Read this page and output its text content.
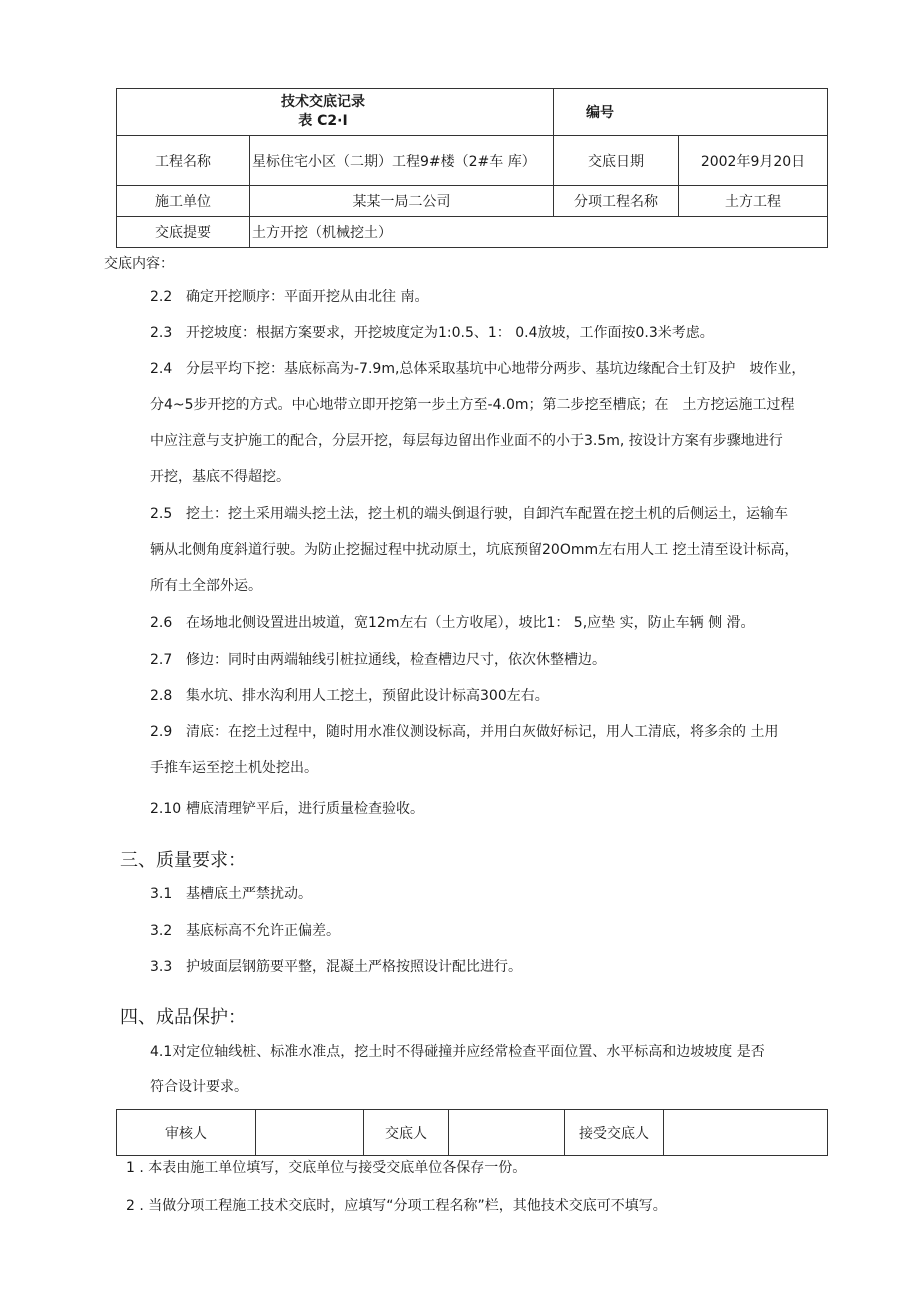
技术交底记录
表 C2·I		编号	
工程名称	星标住宅小区（二期）工程9#楼（2#车 库）	交底日期	2002年9月20日
施工单位	某某一局二公司	分项工程名称	土方工程
交底提要	土方开挖（机械挖土）		
交底内容：
2.2 确定开挖顺序：平面开挖从由北往 南。
2.3 开挖坡度：根据方案要求，开挖坡度定为1:0.5、1： 0.4放坡，工作面按0.3米考虑。
2.4 分层平均下挖：基底标高为-7.9m,总体采取基坑中心地带分两步、基坑边缘配合土钉及护　坡作业，
分4~5步开挖的方式。中心地带立即开挖第一步土方至-4.0m；第二步挖至槽底；在　土方挖运施工过程
中应注意与支护施工的配合，分层开挖，每层每边留出作业面不的小于3.5m, 按设计方案有步骤地进行
开挖，基底不得超挖。
2.5 挖土：挖土采用端头挖土法，挖土机的端头倒退行驶，自卸汽车配置在挖土机的后侧运土，运输车
辆从北侧角度斜道行驶。为防止挖掘过程中扰动原土，坑底预留20Omm左右用人工 挖土清至设计标高，
所有土全部外运。
2.6 在场地北侧设置进出坡道，宽12m左右（土方收尾），坡比1： 5,应垫 实，防止车辆 侧 滑。
2.7 修边：同时由两端轴线引桩拉通线，检查槽边尺寸，依次休整槽边。
2.8 集水坑、排水沟利用人工挖土，预留此设计标高300左右。
2.9 清底：在挖土过程中，随时用水准仪测设标高，并用白灰做好标记，用人工清底，将多余的 土用
手推车运至挖土机处挖出。
2.10 槽底清理铲平后，进行质量检查验收。
三、质量要求：
3.1 基槽底土严禁扰动。
3.2 基底标高不允许正偏差。
3.3 护坡面层钢筋要平整，混凝土严格按照设计配比进行。
四、成品保护：
4.1对定位轴线桩、标准水准点，挖土时不得碰撞并应经常检查平面位置、水平标高和边坡坡度 是否
符合设计要求。
审核人		交底人		接受交底人	
1 . 本表由施工单位填写，交底单位与接受交底单位各保存一份。
2 . 当做分项工程施工技术交底时，应填写“分项工程名称”栏，其他技术交底可不填写。
